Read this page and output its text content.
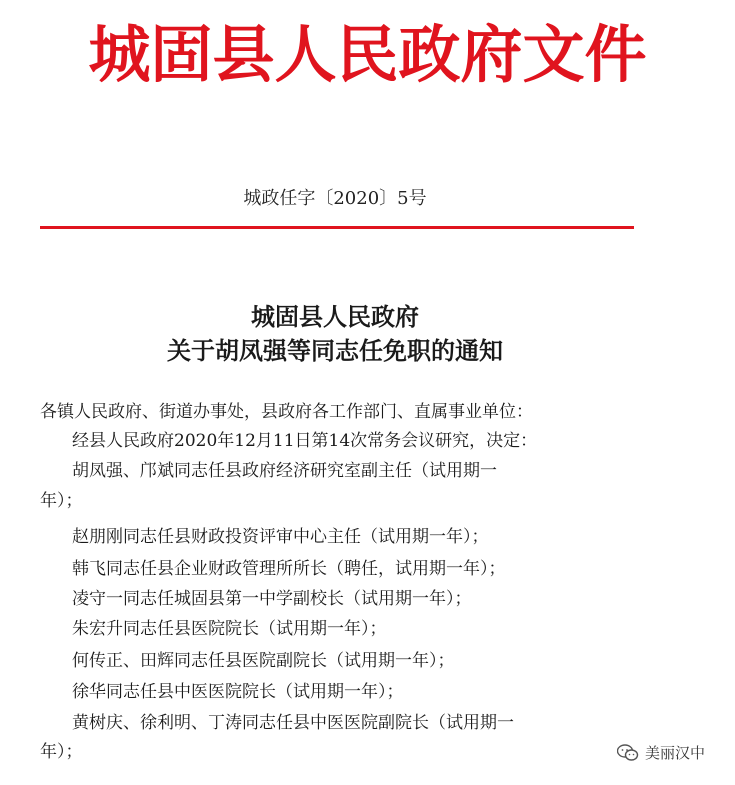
城固县人民政府文件
城政任字〔2020〕5号
城固县人民政府
关于胡凤强等同志任免职的通知
各镇人民政府、街道办事处，县政府各工作部门、直属事业单位：
经县人民政府2020年12月11日第14次常务会议研究，决定：
胡凤强、邝斌同志任县政府经济研究室副主任（试用期一
年）；
赵朋刚同志任县财政投资评审中心主任（试用期一年）；
韩飞同志任县企业财政管理所所长（聘任，试用期一年）；
凌守一同志任城固县第一中学副校长（试用期一年）；
朱宏升同志任县医院院长（试用期一年）；
何传正、田辉同志任县医院副院长（试用期一年）；
徐华同志任县中医医院院长（试用期一年）；
黄树庆、徐利明、丁涛同志任县中医医院副院长（试用期一
年）；	美丽汉中
